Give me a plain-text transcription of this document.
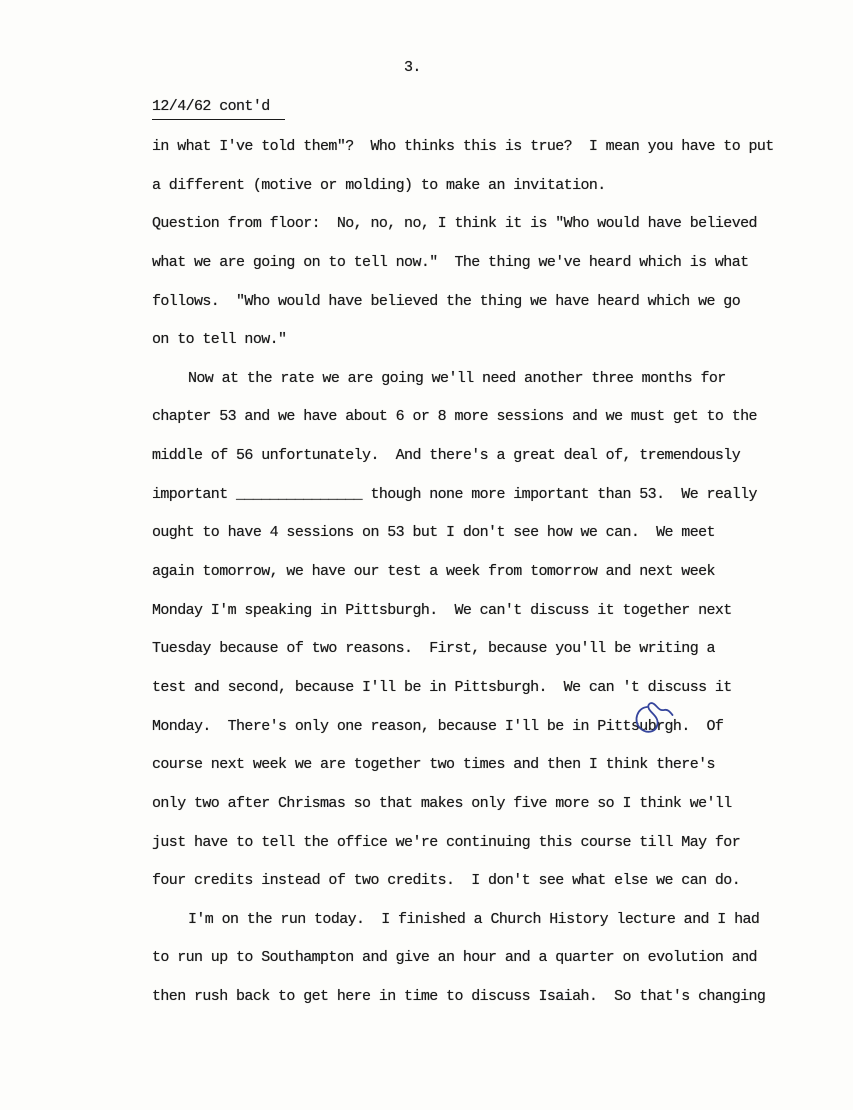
3.
12/4/62 cont'd
in what I've told them"?  Who thinks this is true?  I mean you have to put
a different (motive or molding) to make an invitation.
Question from floor:  No, no, no, I think it is "Who would have believed
what we are going on to tell now."  The thing we've heard which is what
follows.  "Who would have believed the thing we have heard which we go
on to tell now."
Now at the rate we are going we'll need another three months for
chapter 53 and we have about 6 or 8 more sessions and we must get to the
middle of 56 unfortunately.  And there's a great deal of, tremendously
important _______________ though none more important than 53.  We really
ought to have 4 sessions on 53 but I don't see how we can.  We meet
again tomorrow, we have our test a week from tomorrow and next week
Monday I'm speaking in Pittsburgh.  We can't discuss it together next
Tuesday because of two reasons.  First, because you'll be writing a
test and second, because I'll be in Pittsburgh.  We can 't discuss it
Monday.  There's only one reason, because I'll be in Pittsubr
gh.  Of
course next week we are together two times and then I think there's
only two after Chrismas so that makes only five more so I think we'll
just have to tell the office we're continuing this course till May for
four credits instead of two credits.  I don't see what else we can do.
I'm on the run today.  I finished a Church History lecture and I had
to run up to Southampton and give an hour and a quarter on evolution and
then rush back to get here in time to discuss Isaiah.  So that's changing
